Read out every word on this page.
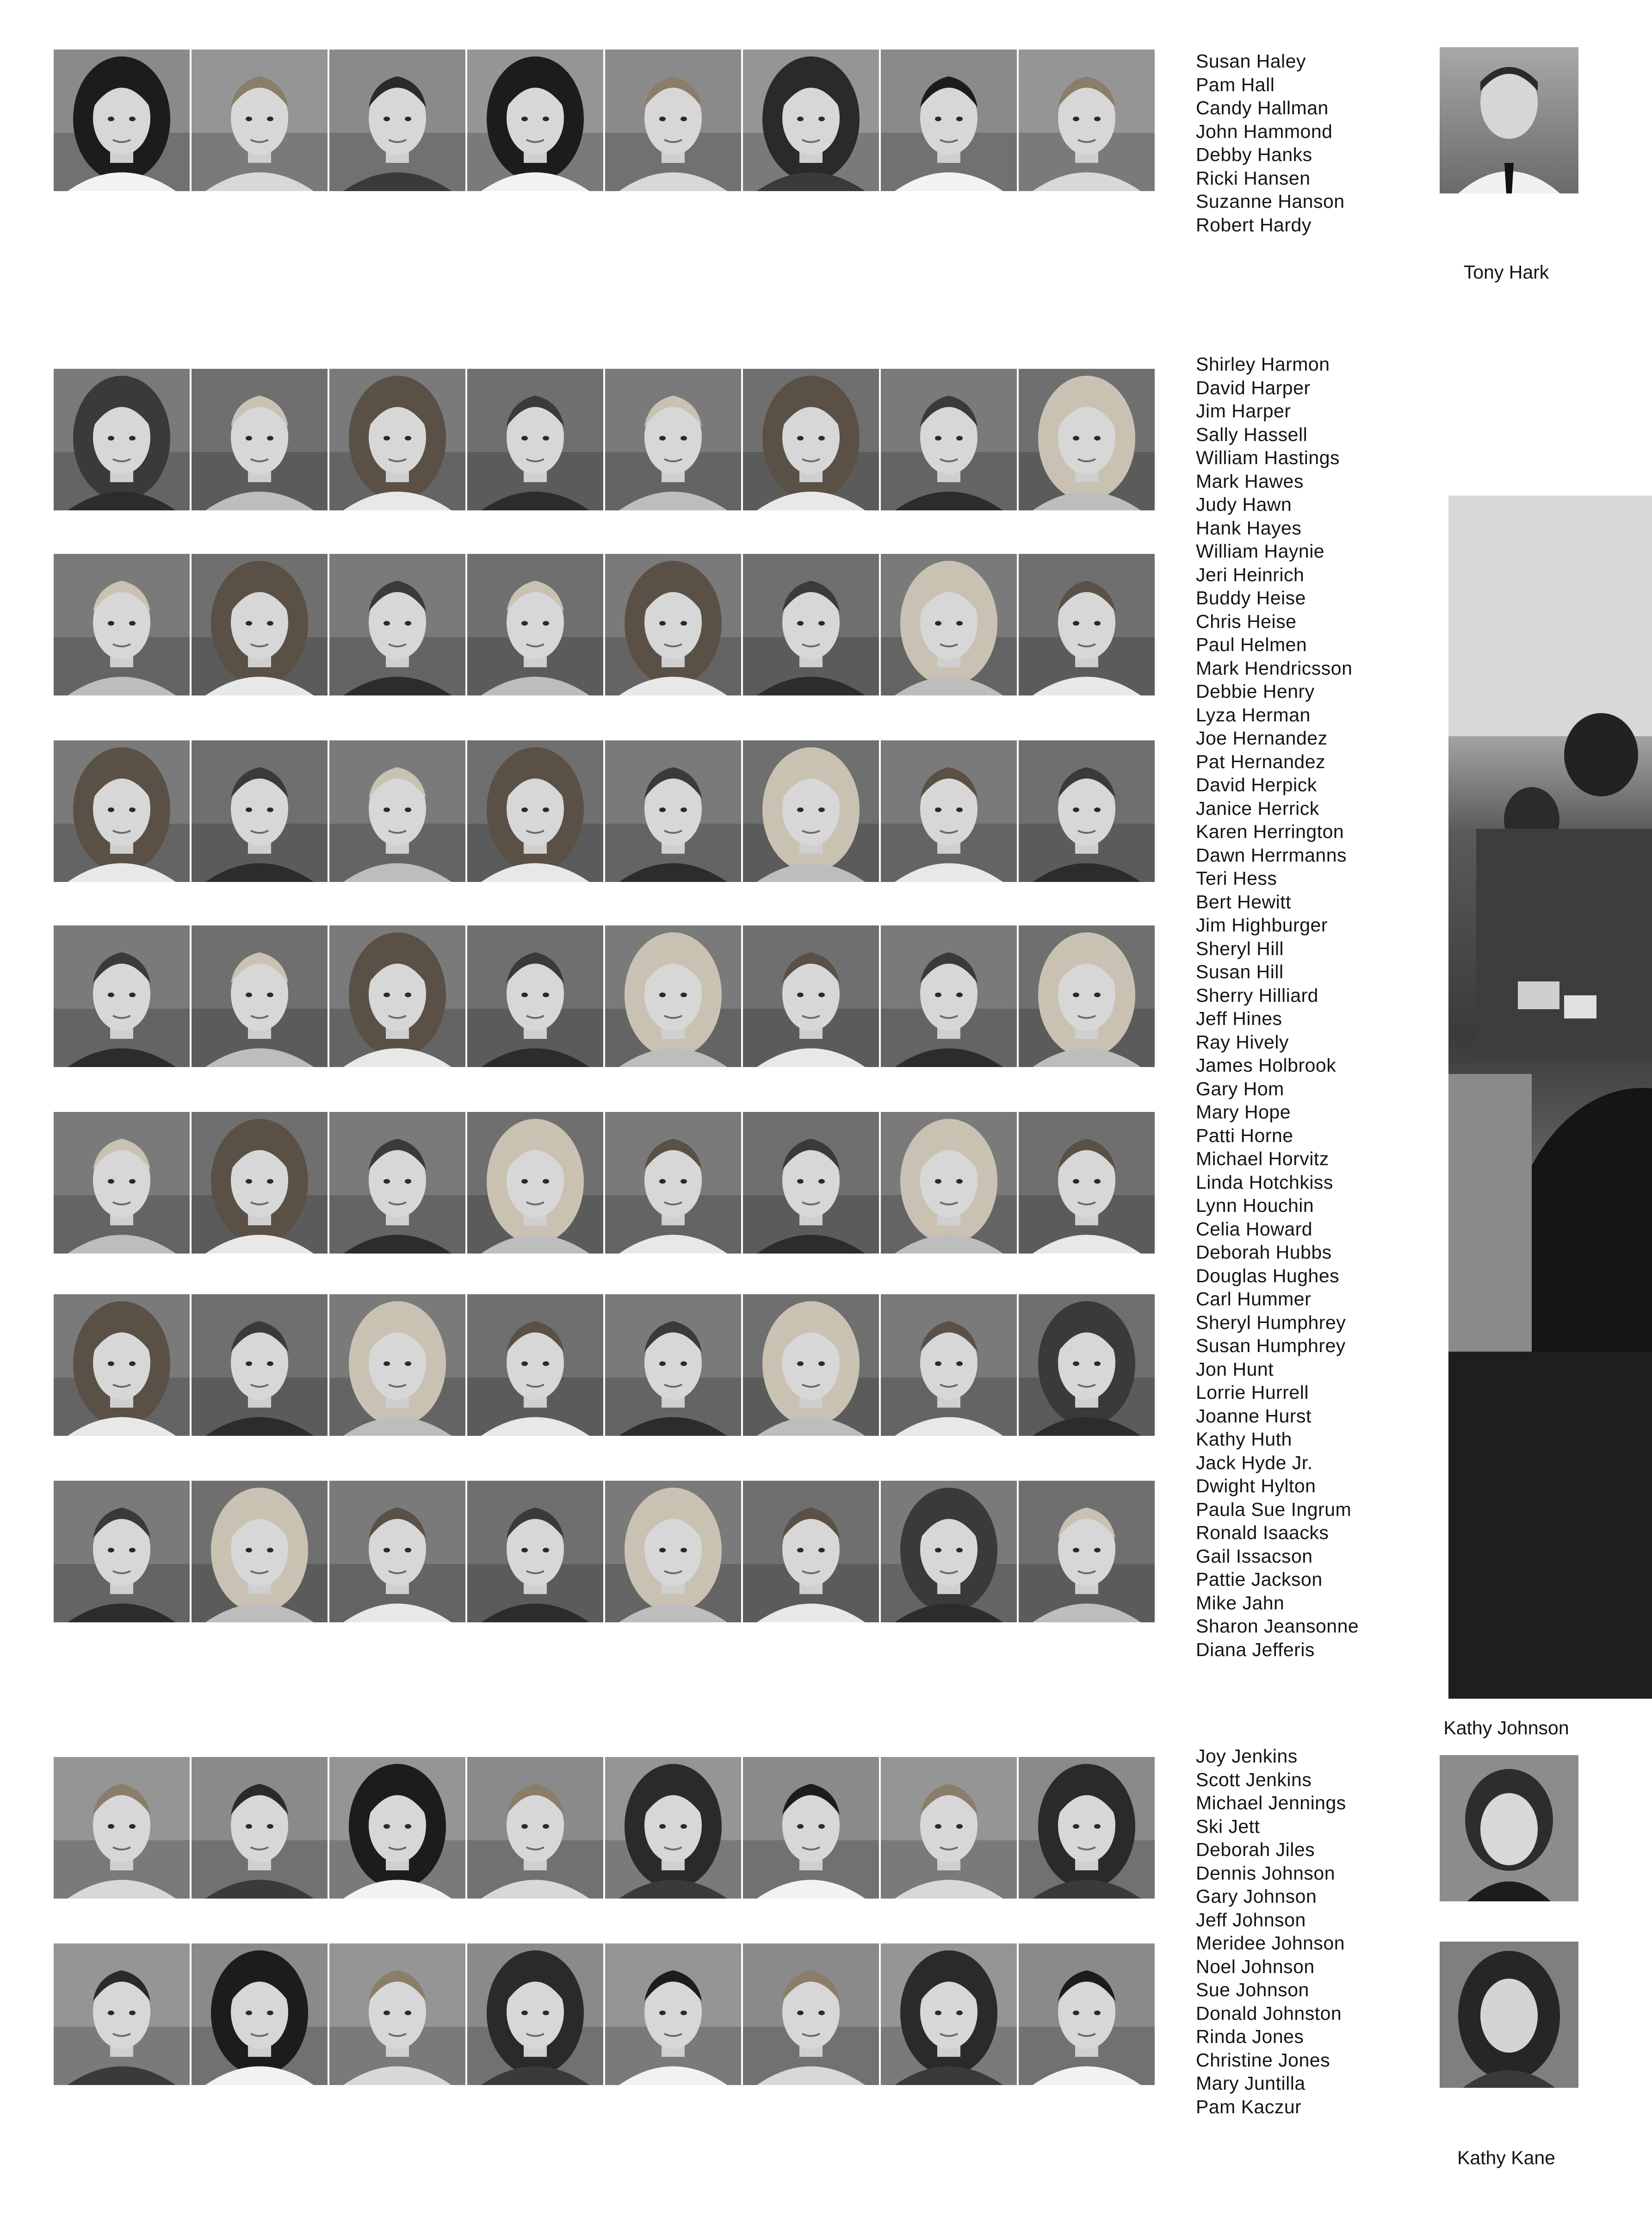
Susan Haley
Pam Hall
Candy Hallman
John Hammond
Debby Hanks
Ricki Hansen
Suzanne Hanson
Robert Hardy
Shirley Harmon
David Harper
Jim Harper
Sally Hassell
William Hastings
Mark Hawes
Judy Hawn
Hank Hayes
William Haynie
Jeri Heinrich
Buddy Heise
Chris Heise
Paul Helmen
Mark Hendricsson
Debbie Henry
Lyza Herman
Joe Hernandez
Pat Hernandez
David Herpick
Janice Herrick
Karen Herrington
Dawn Herrmanns
Teri Hess
Bert Hewitt
Jim Highburger
Sheryl Hill
Susan Hill
Sherry Hilliard
Jeff Hines
Ray Hively
James Holbrook
Gary Hom
Mary Hope
Patti Horne
Michael Horvitz
Linda Hotchkiss
Lynn Houchin
Celia Howard
Deborah Hubbs
Douglas Hughes
Carl Hummer
Sheryl Humphrey
Susan Humphrey
Jon Hunt
Lorrie Hurrell
Joanne Hurst
Kathy Huth
Jack Hyde Jr.
Dwight Hylton
Paula Sue Ingrum
Ronald Isaacks
Gail Issacson
Pattie Jackson
Mike Jahn
Sharon Jeansonne
Diana Jefferis
Joy Jenkins
Scott Jenkins
Michael Jennings
Ski Jett
Deborah Jiles
Dennis Johnson
Gary Johnson
Jeff Johnson
Meridee Johnson
Noel Johnson
Sue Johnson
Donald Johnston
Rinda Jones
Christine Jones
Mary Juntilla
Pam Kaczur
Tony Hark
Kathy Johnson
Kathy Kane
